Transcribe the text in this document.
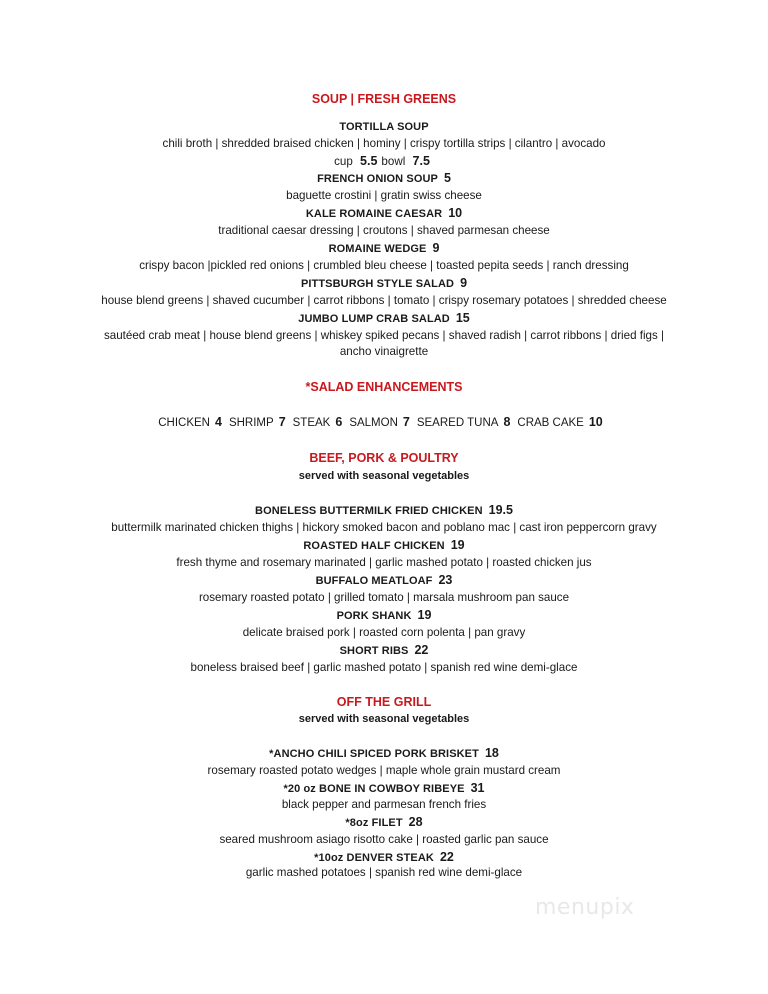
SOUP | FRESH GREENS
TORTILLA SOUP
chili broth | shredded braised chicken | hominy | crispy tortilla strips | cilantro | avocado
cup 5.5 bowl 7.5
FRENCH ONION SOUP 5
baguette crostini | gratin swiss cheese
KALE ROMAINE CAESAR 10
traditional caesar dressing | croutons | shaved parmesan cheese
ROMAINE WEDGE 9
crispy bacon |pickled red onions | crumbled bleu cheese | toasted pepita seeds | ranch dressing
PITTSBURGH STYLE SALAD 9
house blend greens | shaved cucumber | carrot ribbons | tomato | crispy rosemary potatoes | shredded cheese
JUMBO LUMP CRAB SALAD 15
sautéed crab meat | house blend greens | whiskey spiked pecans | shaved radish | carrot ribbons | dried figs |
ancho vinaigrette
*SALAD ENHANCEMENTS
CHICKEN 4 SHRIMP 7 STEAK 6 SALMON 7 SEARED TUNA 8 CRAB CAKE 10
BEEF, PORK & POULTRY
served with seasonal vegetables
BONELESS BUTTERMILK FRIED CHICKEN 19.5
buttermilk marinated chicken thighs | hickory smoked bacon and poblano mac | cast iron peppercorn gravy
ROASTED HALF CHICKEN 19
fresh thyme and rosemary marinated | garlic mashed potato | roasted chicken jus
BUFFALO MEATLOAF 23
rosemary roasted potato | grilled tomato | marsala mushroom pan sauce
PORK SHANK 19
delicate braised pork | roasted corn polenta | pan gravy
SHORT RIBS 22
boneless braised beef | garlic mashed potato | spanish red wine demi-glace
OFF THE GRILL
served with seasonal vegetables
*ANCHO CHILI SPICED PORK BRISKET 18
rosemary roasted potato wedges | maple whole grain mustard cream
*20 oz BONE IN COWBOY RIBEYE 31
black pepper and parmesan french fries
*8oz FILET 28
seared mushroom asiago risotto cake | roasted garlic pan sauce
*10oz DENVER STEAK 22
garlic mashed potatoes | spanish red wine demi-glace
menupix
